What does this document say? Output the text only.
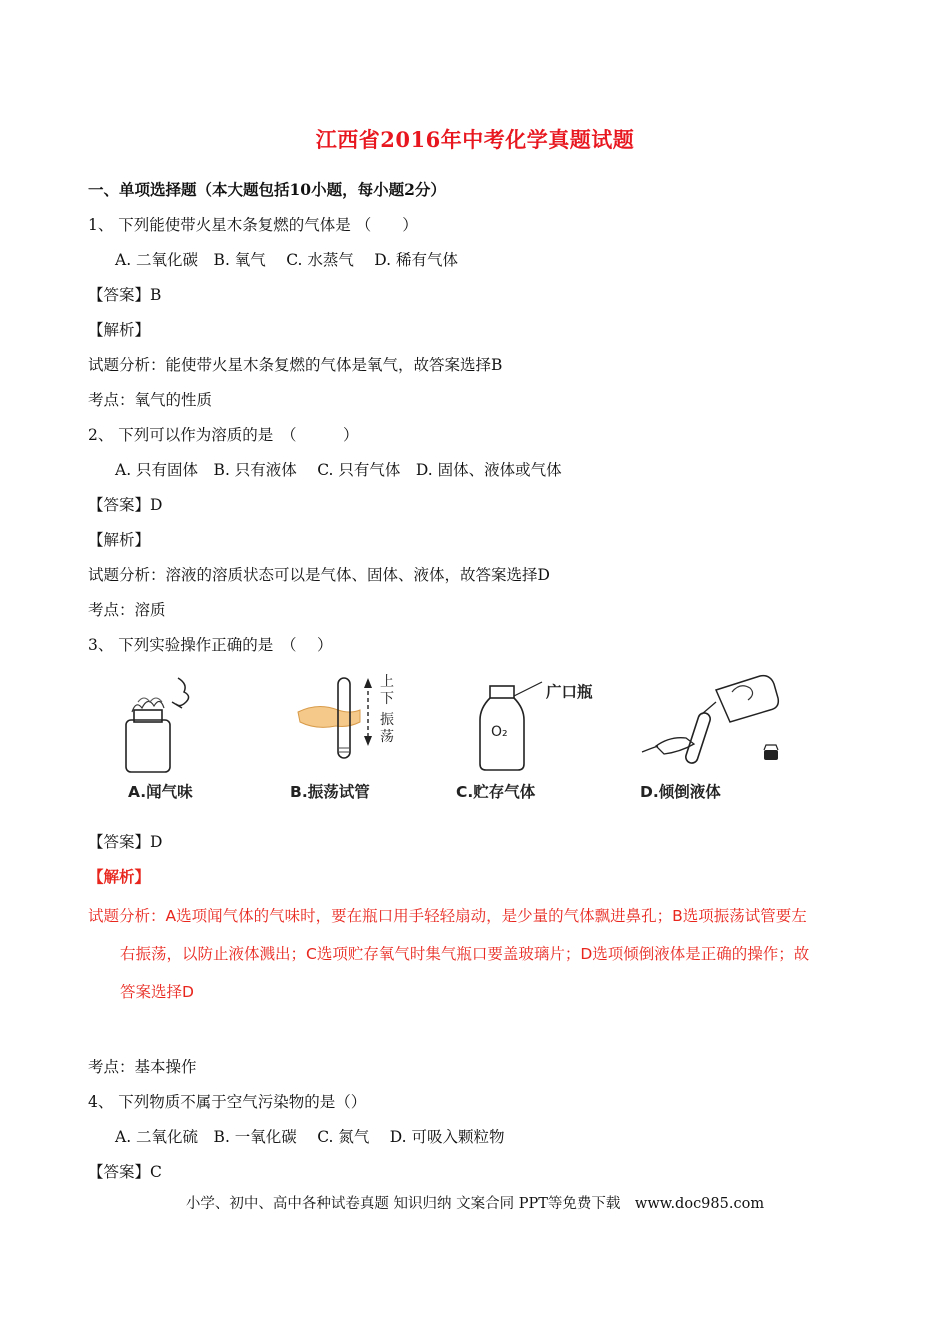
江西省2016年中考化学真题试题
一、单项选择题（本大题包括10小题，每小题2分）
1、 下列能使带火星木条复燃的气体是 （　　）
A. 二氧化碳　B. 氧气　 C. 水蒸气　 D. 稀有气体
【答案】B
【解析】
试题分析：能使带火星木条复燃的气体是氧气，故答案选择B
考点：氧气的性质
2、 下列可以作为溶质的是　（　　　）
A. 只有固体　B. 只有液体　 C. 只有气体　D. 固体、液体或气体
【答案】D
【解析】
试题分析：溶液的溶质状态可以是气体、固体、液体，故答案选择D
考点：溶质
3、 下列实验操作正确的是　（　 ）
A.闻气味
上
下
振
荡
B.振荡试管
O₂
广口瓶
C.贮存气体	D.倾倒液体
【答案】D
【解析】
试题分析：A选项闻气体的气味时，要在瓶口用手轻轻扇动，是少量的气体飘进鼻孔；B选项振荡试管要左
右振荡，以防止液体溅出；C选项贮存氧气时集气瓶口要盖玻璃片；D选项倾倒液体是正确的操作；故
答案选择D
考点：基本操作
4、 下列物质不属于空气污染物的是（）
A. 二氧化硫　B. 一氧化碳　 C. 氮气　 D. 可吸入颗粒物
【答案】C
小学、初中、高中各种试卷真题 知识归纳 文案合同 PPT等免费下载　www.doc985.com
